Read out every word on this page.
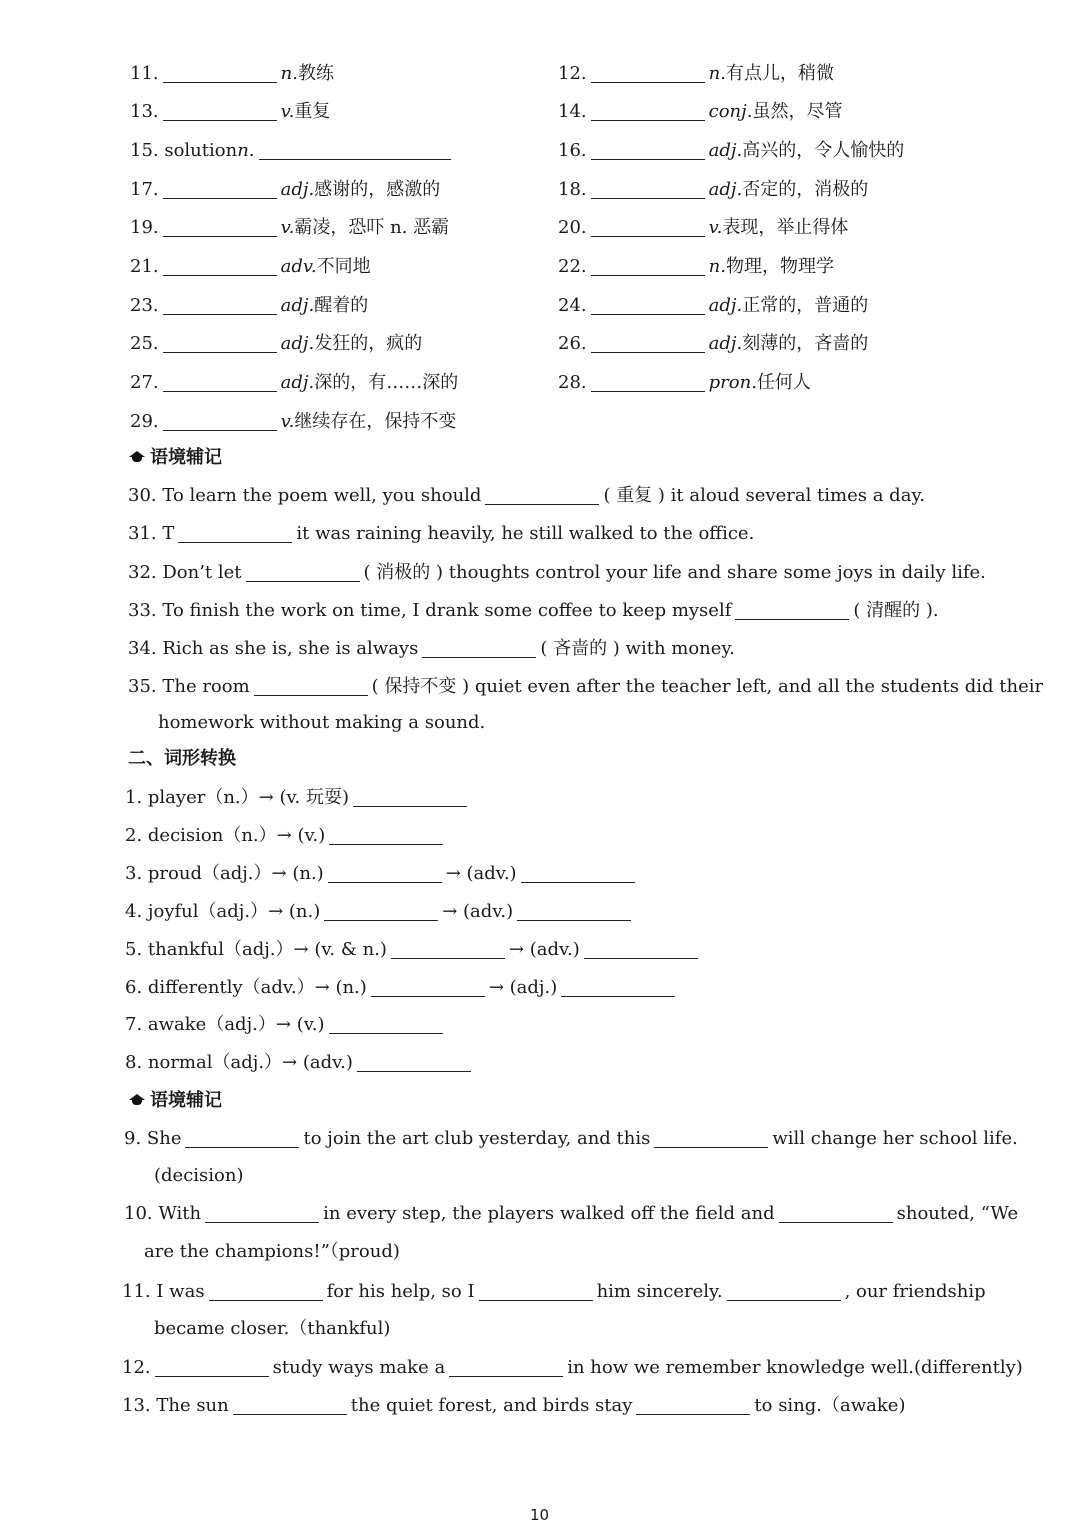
11.	n.教练	12.	n.有点儿，稍微
13.	v.重复	14.	conj.虽然，尽管
15. solutionn.	16.	adj.高兴的，令人愉快的
17.	adj.感谢的，感激的	18.	adj.否定的，消极的
19.	v.霸凌，恐吓 n. 恶霸	20.	v.表现，举止得体
21.	adv.不同地	22.	n.物理，物理学
23.	adj.醒着的	24.	adj.正常的，普通的
25.	adj.发狂的，疯的	26.	adj.刻薄的，吝啬的
27.	adj.深的，有……深的	28.	pron.任何人
29.	v.继续存在，保持不变
语境辅记
30. To learn the poem well, you should	( 重复 ) it aloud several times a day.
31. T	it was raining heavily, he still walked to the office.
32. Don’t let	( 消极的 ) thoughts control your life and share some joys in daily life.
33. To finish the work on time, I drank some coffee to keep myself	( 清醒的 ).
34. Rich as she is, she is always	( 吝啬的 ) with money.
35. The room	( 保持不变 ) quiet even after the teacher left, and all the students did their
homework without making a sound.
二、词形转换
1. player（n.）→ (v. 玩耍)
2. decision（n.）→ (v.)
3. proud（adj.）→ (n.)	→ (adv.)
4. joyful（adj.）→ (n.)	→ (adv.)
5. thankful（adj.）→ (v. & n.)	→ (adv.)
6. differently（adv.）→ (n.)	→ (adj.)
7. awake（adj.）→ (v.)
8. normal（adj.）→ (adv.)
语境辅记
9. She	to join the art club yesterday, and this	will change her school life.
(decision)
10. With	in every step, the players walked off the field and	shouted, “We
are the champions!”（proud)
11. I was	for his help, so I	him sincerely.	, our friendship
became closer.（thankful)
12.	study ways make a	in how we remember knowledge well.(differently)
13. The sun	the quiet forest, and birds stay	to sing.（awake)
10
